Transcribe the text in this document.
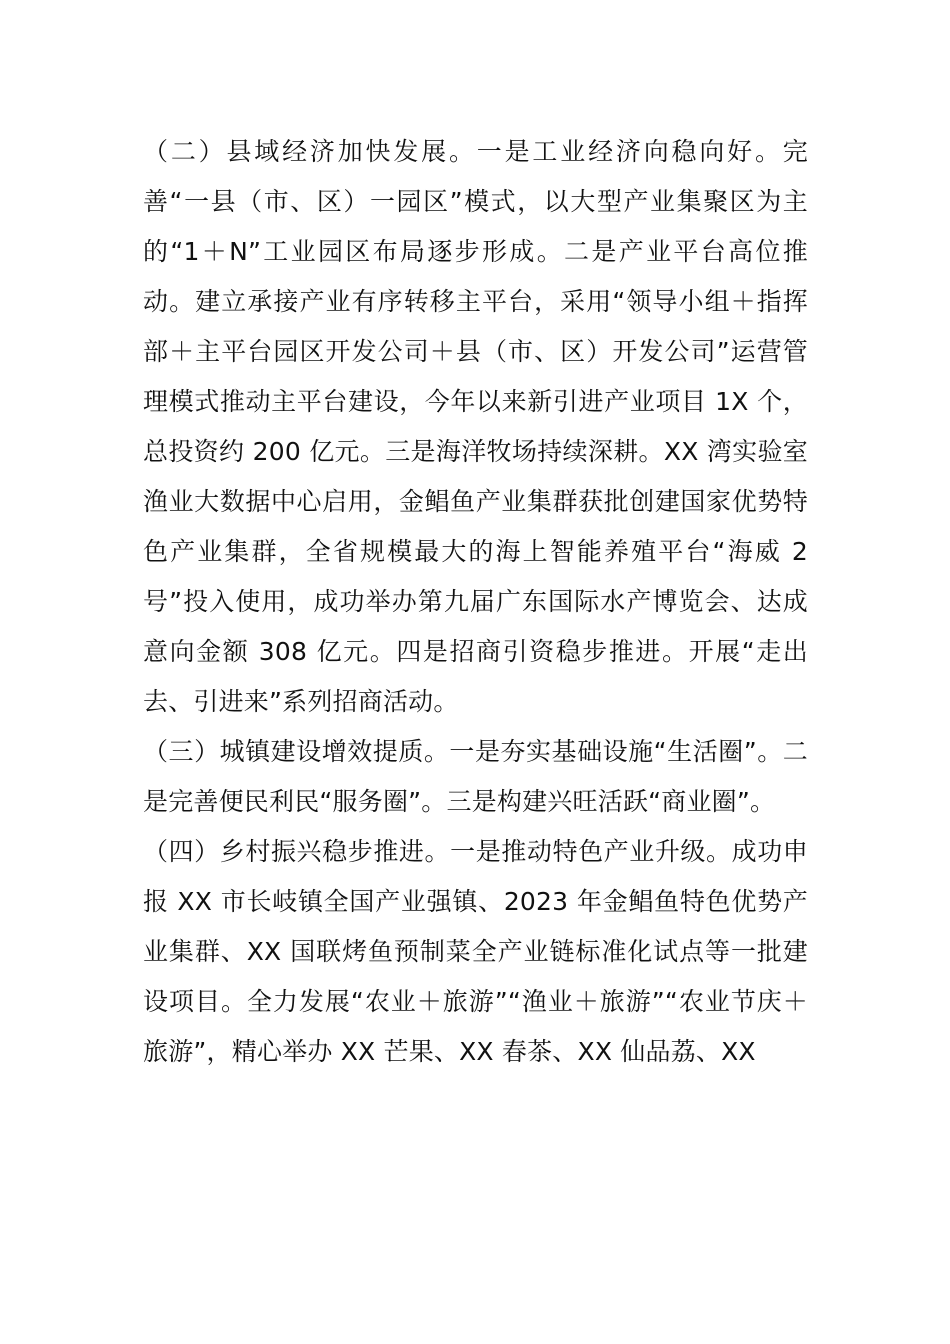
（二）县域经济加快发展。一是工业经济向稳向好。完善“一县（市、区）一园区”模式，以大型产业集聚区为主的“1＋N”工业园区布局逐步形成。二是产业平台高位推动。建立承接产业有序转移主平台，采用“领导小组＋指挥部＋主平台园区开发公司＋县（市、区）开发公司”运营管理模式推动主平台建设，今年以来新引进产业项目 1X 个，总投资约 200 亿元。三是海洋牧场持续深耕。XX 湾实验室渔业大数据中心启用，金鲳鱼产业集群获批创建国家优势特色产业集群，全省规模最大的海上智能养殖平台“海威 2 号”投入使用，成功举办第九届广东国际水产博览会、达成意向金额 308 亿元。四是招商引资稳步推进。开展“走出去、引进来”系列招商活动。

（三）城镇建设增效提质。一是夯实基础设施“生活圈”。二是完善便民利民“服务圈”。三是构建兴旺活跃“商业圈”。

（四）乡村振兴稳步推进。一是推动特色产业升级。成功申报 XX 市长岐镇全国产业强镇、2023 年金鲳鱼特色优势产业集群、XX 国联烤鱼预制菜全产业链标准化试点等一批建设项目。全力发展“农业＋旅游”“渔业＋旅游”“农业节庆＋旅游”，精心举办 XX 芒果、XX 春茶、XX 仙品荔、XX
